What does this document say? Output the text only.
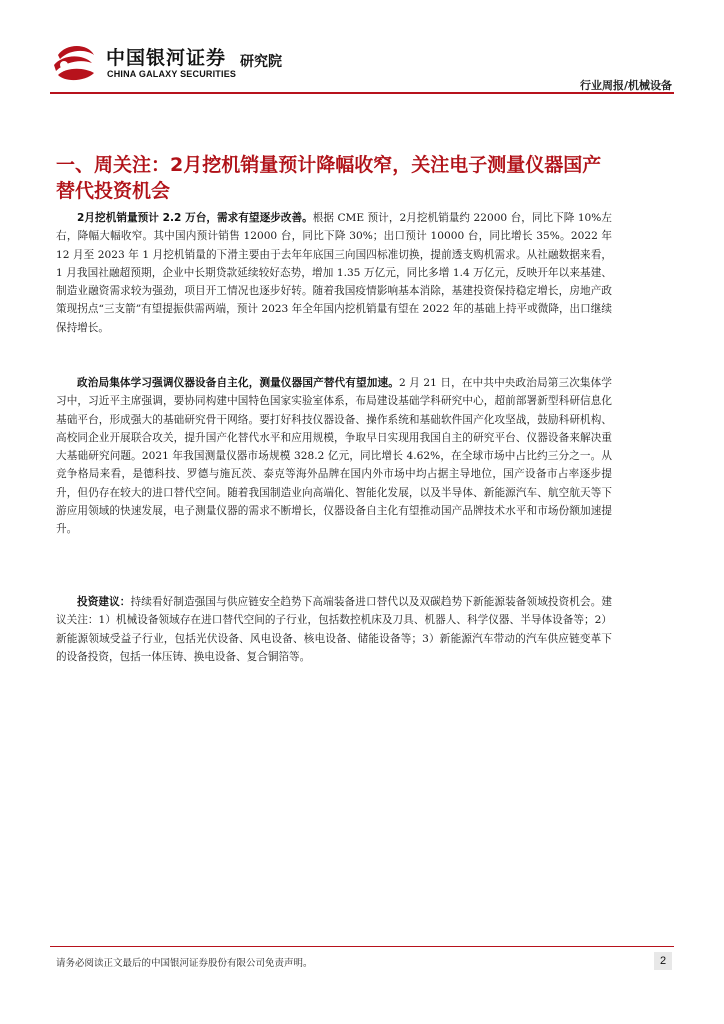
中国银河证券
CHINA GALAXY SECURITIES
研究院
行业周报/机械设备
一、周关注：2月挖机销量预计降幅收窄，关注电子测量仪器国产替代投资机会

2月挖机销量预计 2.2 万台，需求有望逐步改善。根据 CME 预计，2月挖机销量约 22000 台，同比下降 10%左右，降幅大幅收窄。其中国内预计销售 12000 台，同比下降 30%；出口预计 10000 台，同比增长 35%。2022 年 12 月至 2023 年 1 月挖机销量的下滑主要由于去年年底国三向国四标准切换，提前透支购机需求。从社融数据来看，1 月我国社融超预期，企业中长期贷款延续较好态势，增加 1.35 万亿元，同比多增 1.4 万亿元，反映开年以来基建、制造业融资需求较为强劲，项目开工情况也逐步好转。随着我国疫情影响基本消除，基建投资保持稳定增长，房地产政策现拐点“三支箭”有望提振供需两端，预计 2023 年全年国内挖机销量有望在 2022 年的基础上持平或微降，出口继续保持增长。

政治局集体学习强调仪器设备自主化，测量仪器国产替代有望加速。2 月 21 日，在中共中央政治局第三次集体学习中，习近平主席强调，要协同构建中国特色国家实验室体系，布局建设基础学科研究中心，超前部署新型科研信息化基础平台，形成强大的基础研究骨干网络。要打好科技仪器设备、操作系统和基础软件国产化攻坚战，鼓励科研机构、高校同企业开展联合攻关，提升国产化替代水平和应用规模，争取早日实现用我国自主的研究平台、仪器设备来解决重大基础研究问题。2021 年我国测量仪器市场规模 328.2 亿元，同比增长 4.62%，在全球市场中占比约三分之一。从竞争格局来看，是德科技、罗德与施瓦茨、泰克等海外品牌在国内外市场中均占据主导地位，国产设备市占率逐步提升，但仍存在较大的进口替代空间。随着我国制造业向高端化、智能化发展，以及半导体、新能源汽车、航空航天等下游应用领域的快速发展，电子测量仪器的需求不断增长，仪器设备自主化有望推动国产品牌技术水平和市场份额加速提升。

投资建议：持续看好制造强国与供应链安全趋势下高端装备进口替代以及双碳趋势下新能源装备领域投资机会。建议关注：1）机械设备领域存在进口替代空间的子行业，包括数控机床及刀具、机器人、科学仪器、半导体设备等；2）新能源领域受益子行业，包括光伏设备、风电设备、核电设备、储能设备等；3）新能源汽车带动的汽车供应链变革下的设备投资，包括一体压铸、换电设备、复合铜箔等。

请务必阅读正文最后的中国银河证券股份有限公司免责声明。	2
